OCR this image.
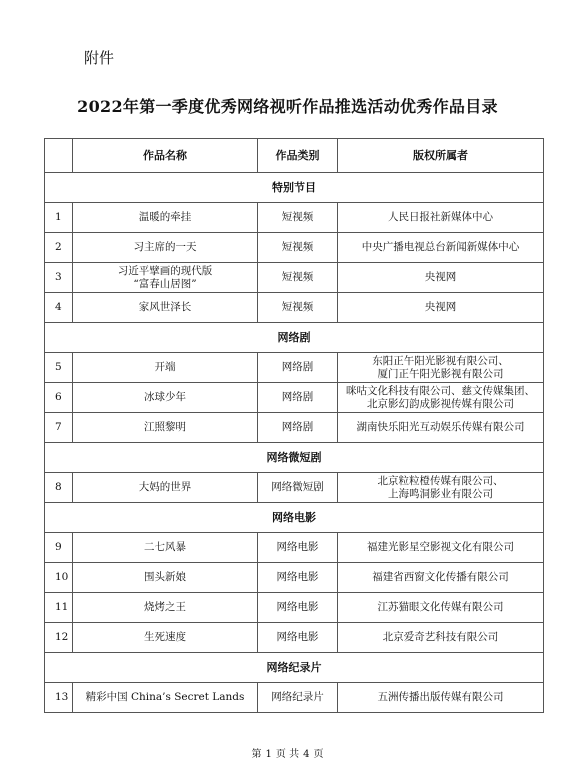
附件
2022年第一季度优秀网络视听作品推选活动优秀作品目录
	作品名称	作品类别	版权所属者
特别节目			
1	温暖的牵挂	短视频	人民日报社新媒体中心

2	习主席的一天	短视频	中央广播电视总台新闻新媒体中心

3	习近平擘画的现代版
“富春山居图”	短视频	央视网

4	家风世泽长	短视频	央视网

网络剧			
5	开端	网络剧	东阳正午阳光影视有限公司、
厦门正午阳光影视有限公司

6	冰球少年	网络剧	咪咕文化科技有限公司、慈文传媒集团、
北京影幻韵成影视传媒有限公司

7	江照黎明	网络剧	湖南快乐阳光互动娱乐传媒有限公司

网络微短剧			
8	大妈的世界	网络微短剧	北京粒粒橙传媒有限公司、
上海鸣洞影业有限公司

网络电影			
9	二七风暴	网络电影	福建光影星空影视文化有限公司

10	围头新娘	网络电影	福建省西窗文化传播有限公司

11	烧烤之王	网络电影	江苏猫眼文化传媒有限公司

12	生死速度	网络电影	北京爱奇艺科技有限公司

网络纪录片			
13	精彩中国 China’s Secret Lands	网络纪录片	五洲传播出版传媒有限公司
第 1 页 共 4 页
